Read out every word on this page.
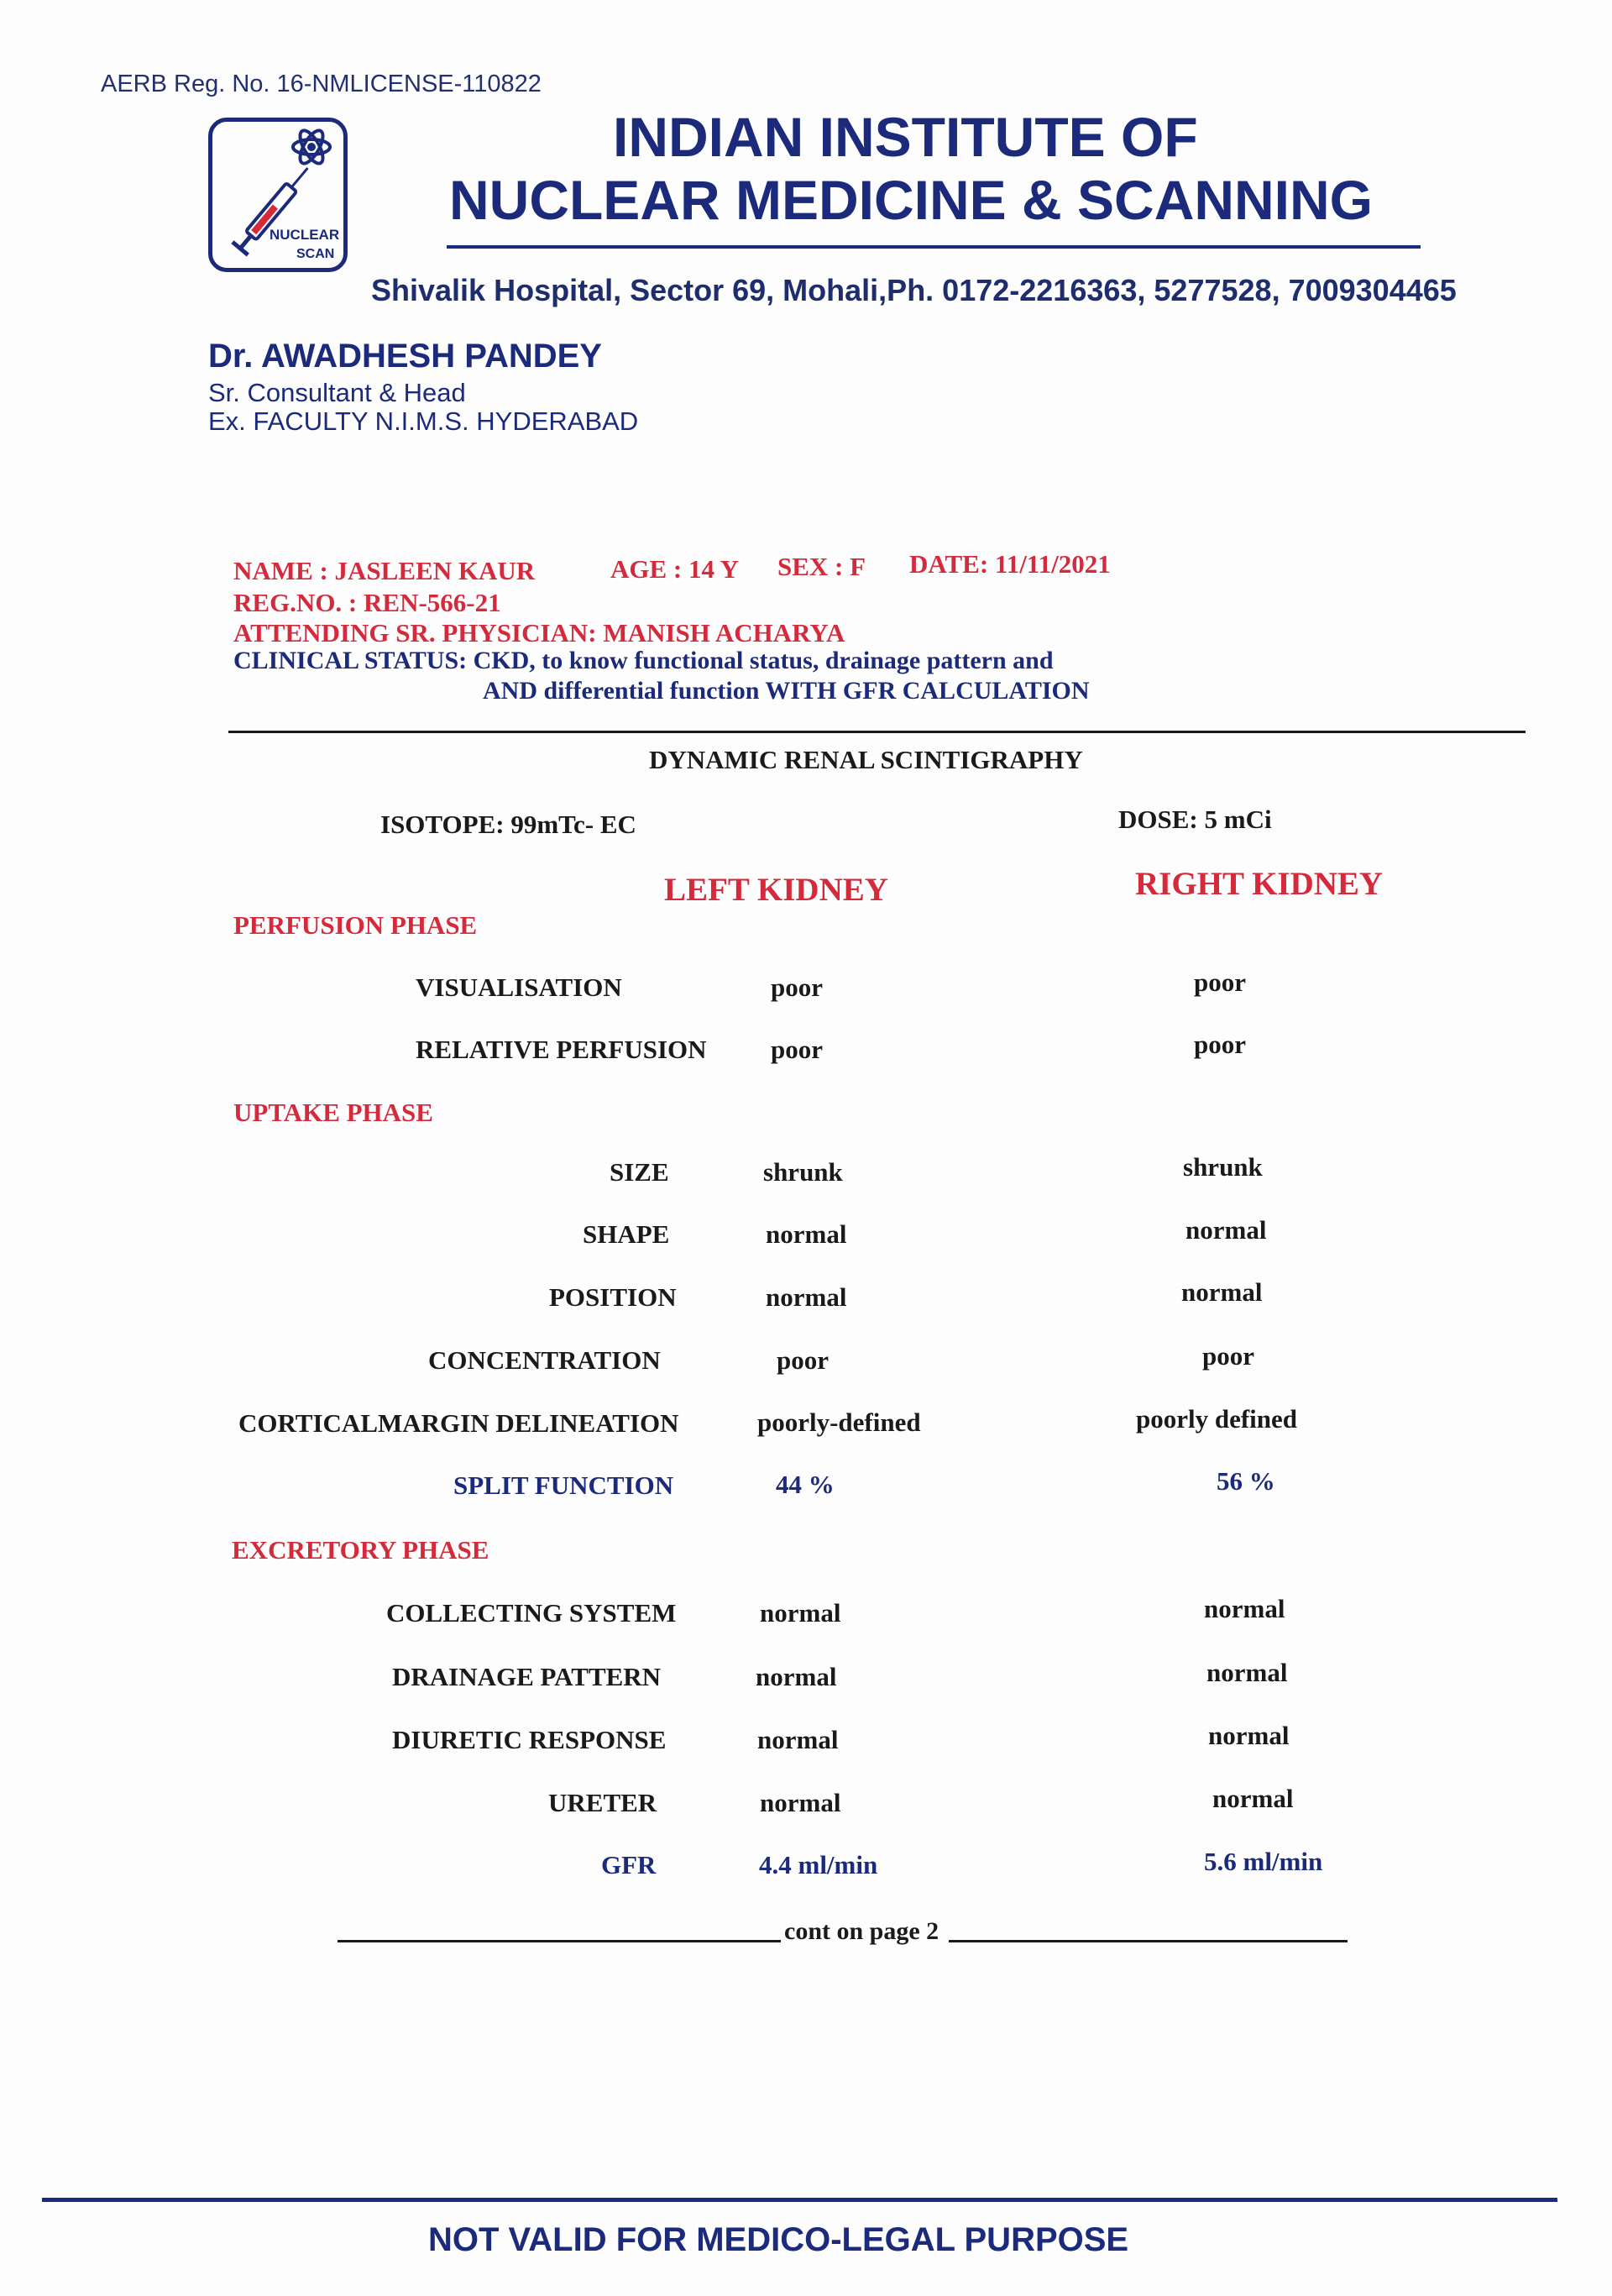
AERB Reg. No. 16-NMLICENSE-110822
NUCLEAR
SCAN
INDIAN INSTITUTE OF
NUCLEAR MEDICINE & SCANNING
Shivalik Hospital, Sector 69, Mohali,Ph. 0172-2216363, 5277528, 7009304465
Dr. AWADHESH PANDEY
Sr. Consultant & Head
Ex. FACULTY N.I.M.S. HYDERABAD
NAME : JASLEEN KAUR	AGE : 14 Y SEX : F DATE: 11/11/2021
REG.NO. : REN-566-21
ATTENDING SR. PHYSICIAN: MANISH ACHARYA
CLINICAL STATUS: CKD, to know functional status, drainage pattern and
AND differential function WITH GFR CALCULATION
DYNAMIC RENAL SCINTIGRAPHY
ISOTOPE: 99mTc- EC	DOSE: 5 mCi
LEFT KIDNEY	RIGHT KIDNEY
PERFUSION PHASE
VISUALISATION	poor	poor
RELATIVE PERFUSION poor	poor
UPTAKE PHASE
SIZE	shrunk	shrunk
SHAPE	normal	normal
POSITION	normal	normal
CONCENTRATION	poor	poor
CORTICALMARGIN DELINEATION	poorly-defined	poorly defined
SPLIT FUNCTION	44 %	56 %
EXCRETORY PHASE
COLLECTING SYSTEM	normal	normal
DRAINAGE PATTERN	normal	normal
DIURETIC RESPONSE	normal	normal
URETER	normal	normal
GFR	4.4 ml/min	5.6 ml/min
cont on page 2
NOT VALID FOR MEDICO-LEGAL PURPOSE
